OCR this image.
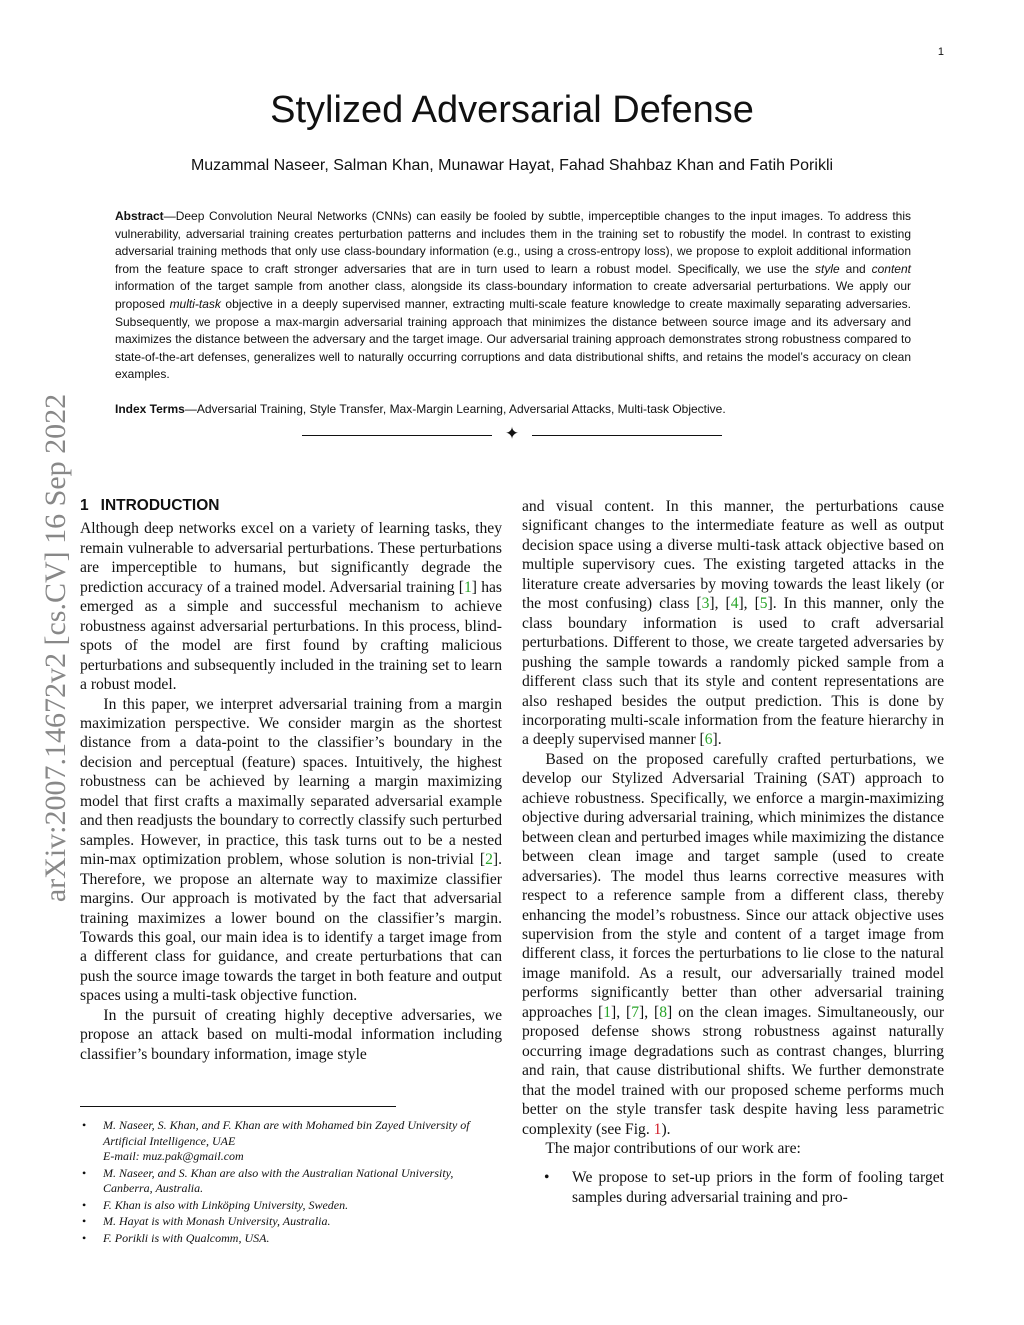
1
arXiv:2007.14672v2 [cs.CV] 16 Sep 2022
Stylized Adversarial Defense
Muzammal Naseer, Salman Khan, Munawar Hayat, Fahad Shahbaz Khan and Fatih Porikli
Abstract—Deep Convolution Neural Networks (CNNs) can easily be fooled by subtle, imperceptible changes to the input images. To address this vulnerability, adversarial training creates perturbation patterns and includes them in the training set to robustify the model. In contrast to existing adversarial training methods that only use class-boundary information (e.g., using a cross-entropy loss), we propose to exploit additional information from the feature space to craft stronger adversaries that are in turn used to learn a robust model. Specifically, we use the style and content information of the target sample from another class, alongside its class-boundary information to create adversarial perturbations. We apply our proposed multi-task objective in a deeply supervised manner, extracting multi-scale feature knowledge to create maximally separating adversaries. Subsequently, we propose a max-margin adversarial training approach that minimizes the distance between source image and its adversary and maximizes the distance between the adversary and the target image. Our adversarial training approach demonstrates strong robustness compared to state-of-the-art defenses, generalizes well to naturally occurring corruptions and data distributional shifts, and retains the model’s accuracy on clean examples.
Index Terms—Adversarial Training, Style Transfer, Max-Margin Learning, Adversarial Attacks, Multi-task Objective.
✦
1 INTRODUCTION

Although deep networks excel on a variety of learning tasks, they remain vulnerable to adversarial perturbations. These perturbations are imperceptible to humans, but significantly degrade the prediction accuracy of a trained model. Adversarial training [1] has emerged as a simple and successful mechanism to achieve robustness against adversarial perturbations. In this process, blind-spots of the model are first found by crafting malicious perturbations and subsequently included in the training set to learn a robust model.

In this paper, we interpret adversarial training from a margin maximization perspective. We consider margin as the shortest distance from a data-point to the classifier’s boundary in the decision and perceptual (feature) spaces. Intuitively, the highest robustness can be achieved by learning a margin maximizing model that first crafts a maximally separated adversarial example and then readjusts the boundary to correctly classify such perturbed samples. However, in practice, this task turns out to be a nested min-max optimization problem, whose solution is non-trivial [2]. Therefore, we propose an alternate way to maximize classifier margins. Our approach is motivated by the fact that adversarial training maximizes a lower bound on the classifier’s margin. Towards this goal, our main idea is to identify a target image from a different class for guidance, and create perturbations that can push the source image towards the target in both feature and output spaces using a multi-task objective function.

In the pursuit of creating highly deceptive adversaries, we propose an attack based on multi-modal information including classifier’s boundary information, image style

• M. Naseer, S. Khan, and F. Khan are with Mohamed bin Zayed University of Artificial Intelligence, UAE
E-mail: muz.pak@gmail.com
• M. Naseer, and S. Khan are also with the Australian National University, Canberra, Australia.
• F. Khan is also with Linköping University, Sweden.
• M. Hayat is with Monash University, Australia.
• F. Porikli is with Qualcomm, USA.

and visual content. In this manner, the perturbations cause significant changes to the intermediate feature as well as output decision space using a diverse multi-task attack objective based on multiple supervisory cues. The existing targeted attacks in the literature create adversaries by moving towards the least likely (or the most confusing) class [3], [4], [5]. In this manner, only the class boundary information is used to craft adversarial perturbations. Different to those, we create targeted adversaries by pushing the sample towards a randomly picked sample from a different class such that its style and content representations are also reshaped besides the output prediction. This is done by incorporating multi-scale information from the feature hierarchy in a deeply supervised manner [6].

Based on the proposed carefully crafted perturbations, we develop our Stylized Adversarial Training (SAT) approach to achieve robustness. Specifically, we enforce a margin-maximizing objective during adversarial training, which minimizes the distance between clean and perturbed images while maximizing the distance between clean image and target sample (used to create adversaries). The model thus learns corrective measures with respect to a reference sample from a different class, thereby enhancing the model’s robustness. Since our attack objective uses supervision from the style and content of a target image from different class, it forces the perturbations to lie close to the natural image manifold. As a result, our adversarially trained model performs significantly better than other adversarial training approaches [1], [7], [8] on the clean images. Simultaneously, our proposed defense shows strong robustness against naturally occurring image degradations such as contrast changes, blurring and rain, that cause distributional shifts. We further demonstrate that the model trained with our proposed scheme performs much better on the style transfer task despite having less parametric complexity (see Fig. 1).

The major contributions of our work are:

• We propose to set-up priors in the form of fooling target samples during adversarial training and pro-
